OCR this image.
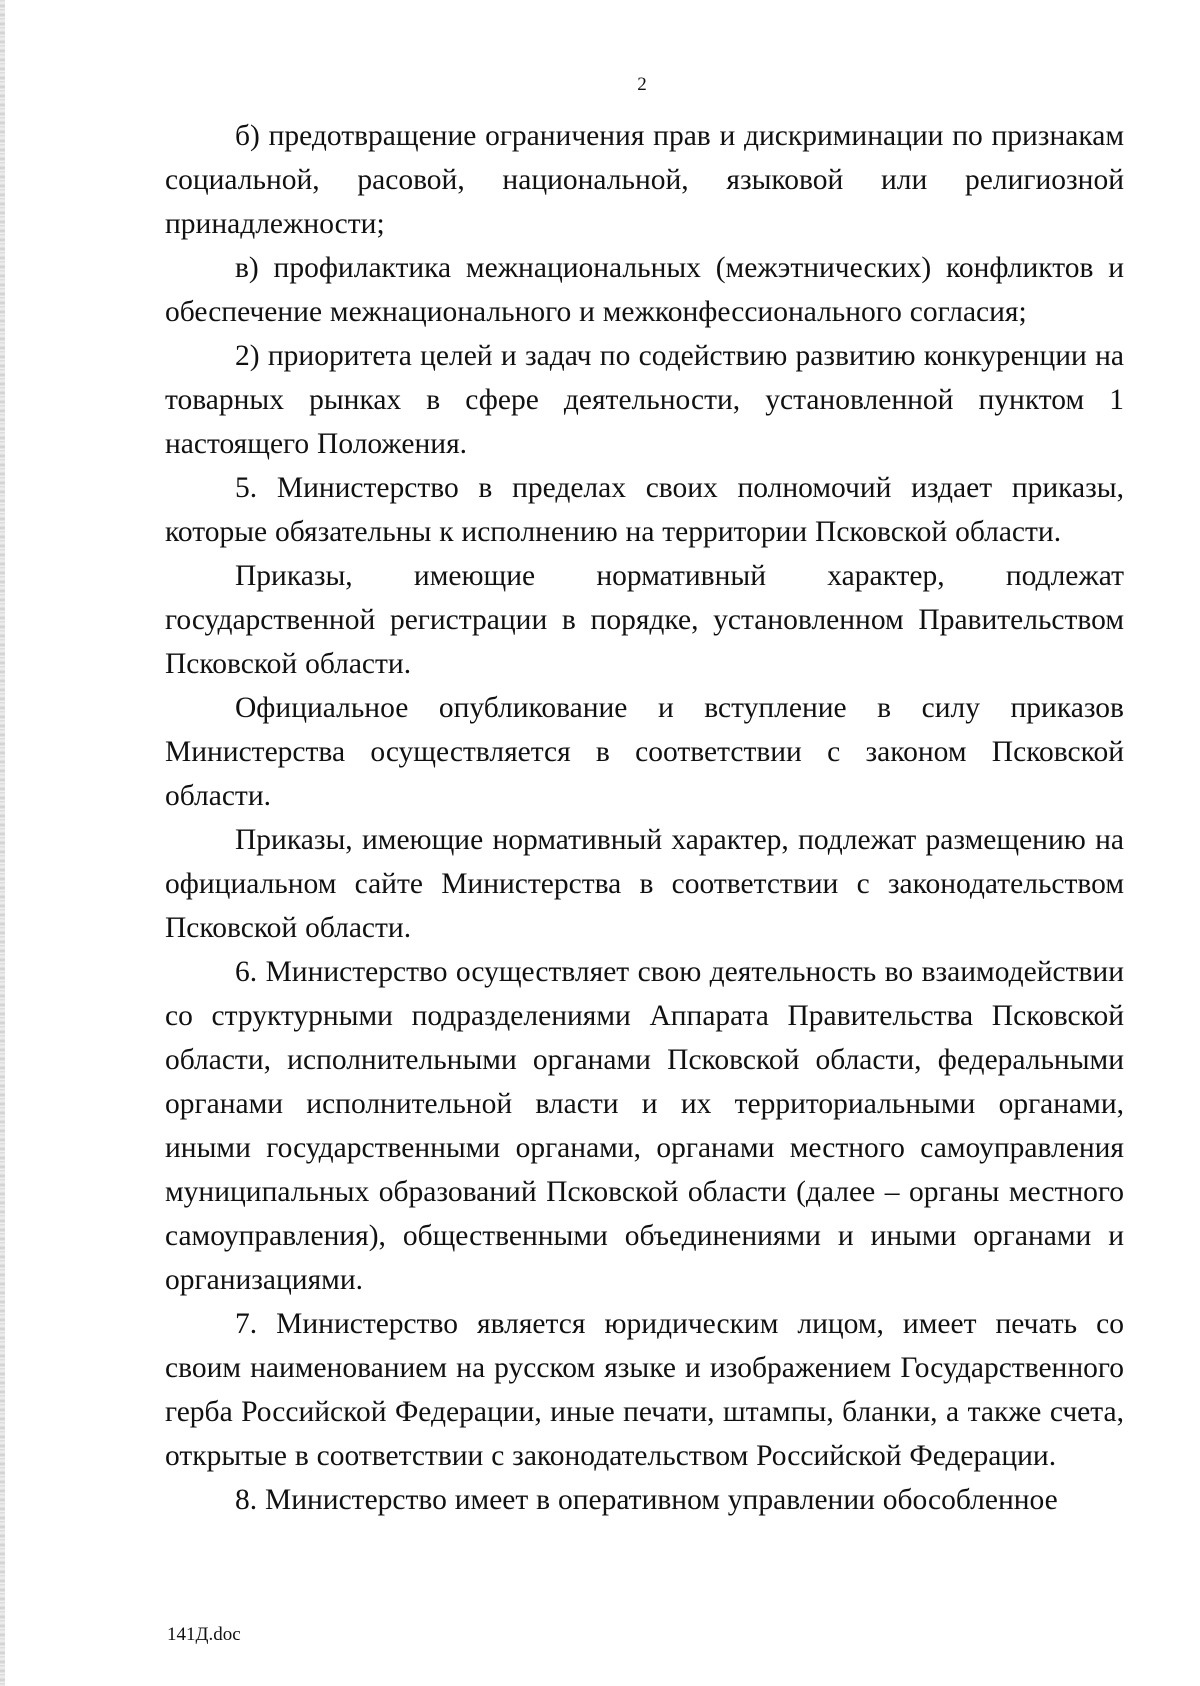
2

б) предотвращение ограничения прав и дискриминации по признакам социальной, расовой, национальной, языковой или религиозной принадлежности;

в) профилактика межнациональных (межэтнических) конфликтов и обеспечение межнационального и межконфессионального согласия;

2) приоритета целей и задач по содействию развитию конкуренции на товарных рынках в сфере деятельности, установленной пунктом 1 настоящего Положения.

5. Министерство в пределах своих полномочий издает приказы, которые обязательны к исполнению на территории Псковской области.

Приказы, имеющие нормативный характер, подлежат государственной регистрации в порядке, установленном Правительством Псковской области.

Официальное опубликование и вступление в силу приказов Министерства осуществляется в соответствии с законом Псковской области.

Приказы, имеющие нормативный характер, подлежат размещению на официальном сайте Министерства в соответствии с законодательством Псковской области.

6. Министерство осуществляет свою деятельность во взаимодействии со структурными подразделениями Аппарата Правительства Псковской области, исполнительными органами Псковской области, федеральными органами исполнительной власти и их территориальными органами, иными государственными органами, органами местного самоуправления муниципальных образований Псковской области (далее – органы местного самоуправления), общественными объединениями и иными органами и организациями.

7. Министерство является юридическим лицом, имеет печать со своим наименованием на русском языке и изображением Государственного герба Российской Федерации, иные печати, штампы, бланки, а также счета, открытые в соответствии с законодательством Российской Федерации.

8. Министерство имеет в оперативном управлении обособленное

141Д.doc
